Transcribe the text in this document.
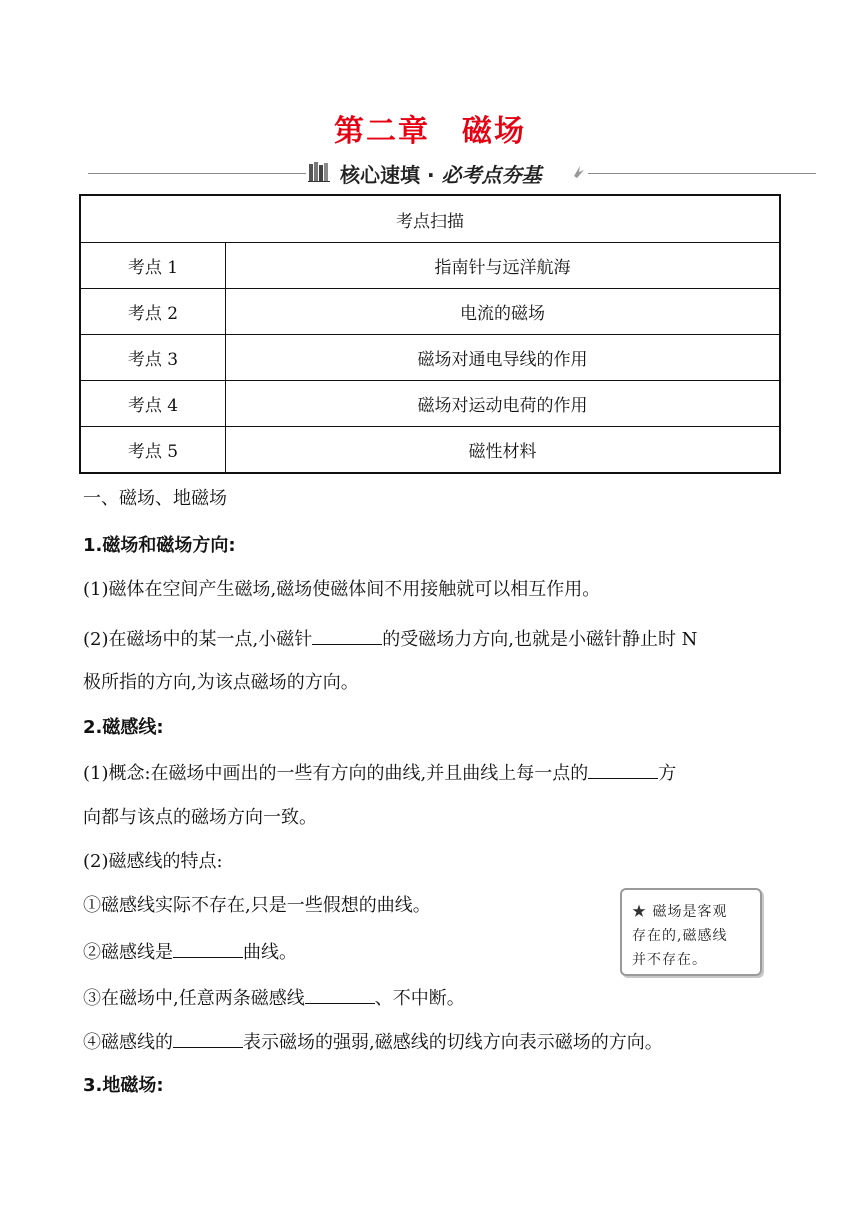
第二章　磁场
核心速填 · 必考点夯基
考点扫描	
考点 1	指南针与远洋航海
考点 2	电流的磁场
考点 3	磁场对通电导线的作用
考点 4	磁场对运动电荷的作用
考点 5	磁性材料
一、磁场、地磁场
1.磁场和磁场方向:
(1)磁体在空间产生磁场,磁场使磁体间不用接触就可以相互作用。
(2)在磁场中的某一点,小磁针	的受磁场力方向,也就是小磁针静止时 N
极所指的方向,为该点磁场的方向。
2.磁感线:
(1)概念:在磁场中画出的一些有方向的曲线,并且曲线上每一点的	方
向都与该点的磁场方向一致。
(2)磁感线的特点:
①磁感线实际不存在,只是一些假想的曲线。
②磁感线是	曲线。
③在磁场中,任意两条磁感线	、不中断。
④磁感线的	表示磁场的强弱,磁感线的切线方向表示磁场的方向。
3.地磁场:
★ 磁场是客观
存在的,磁感线
并不存在。
